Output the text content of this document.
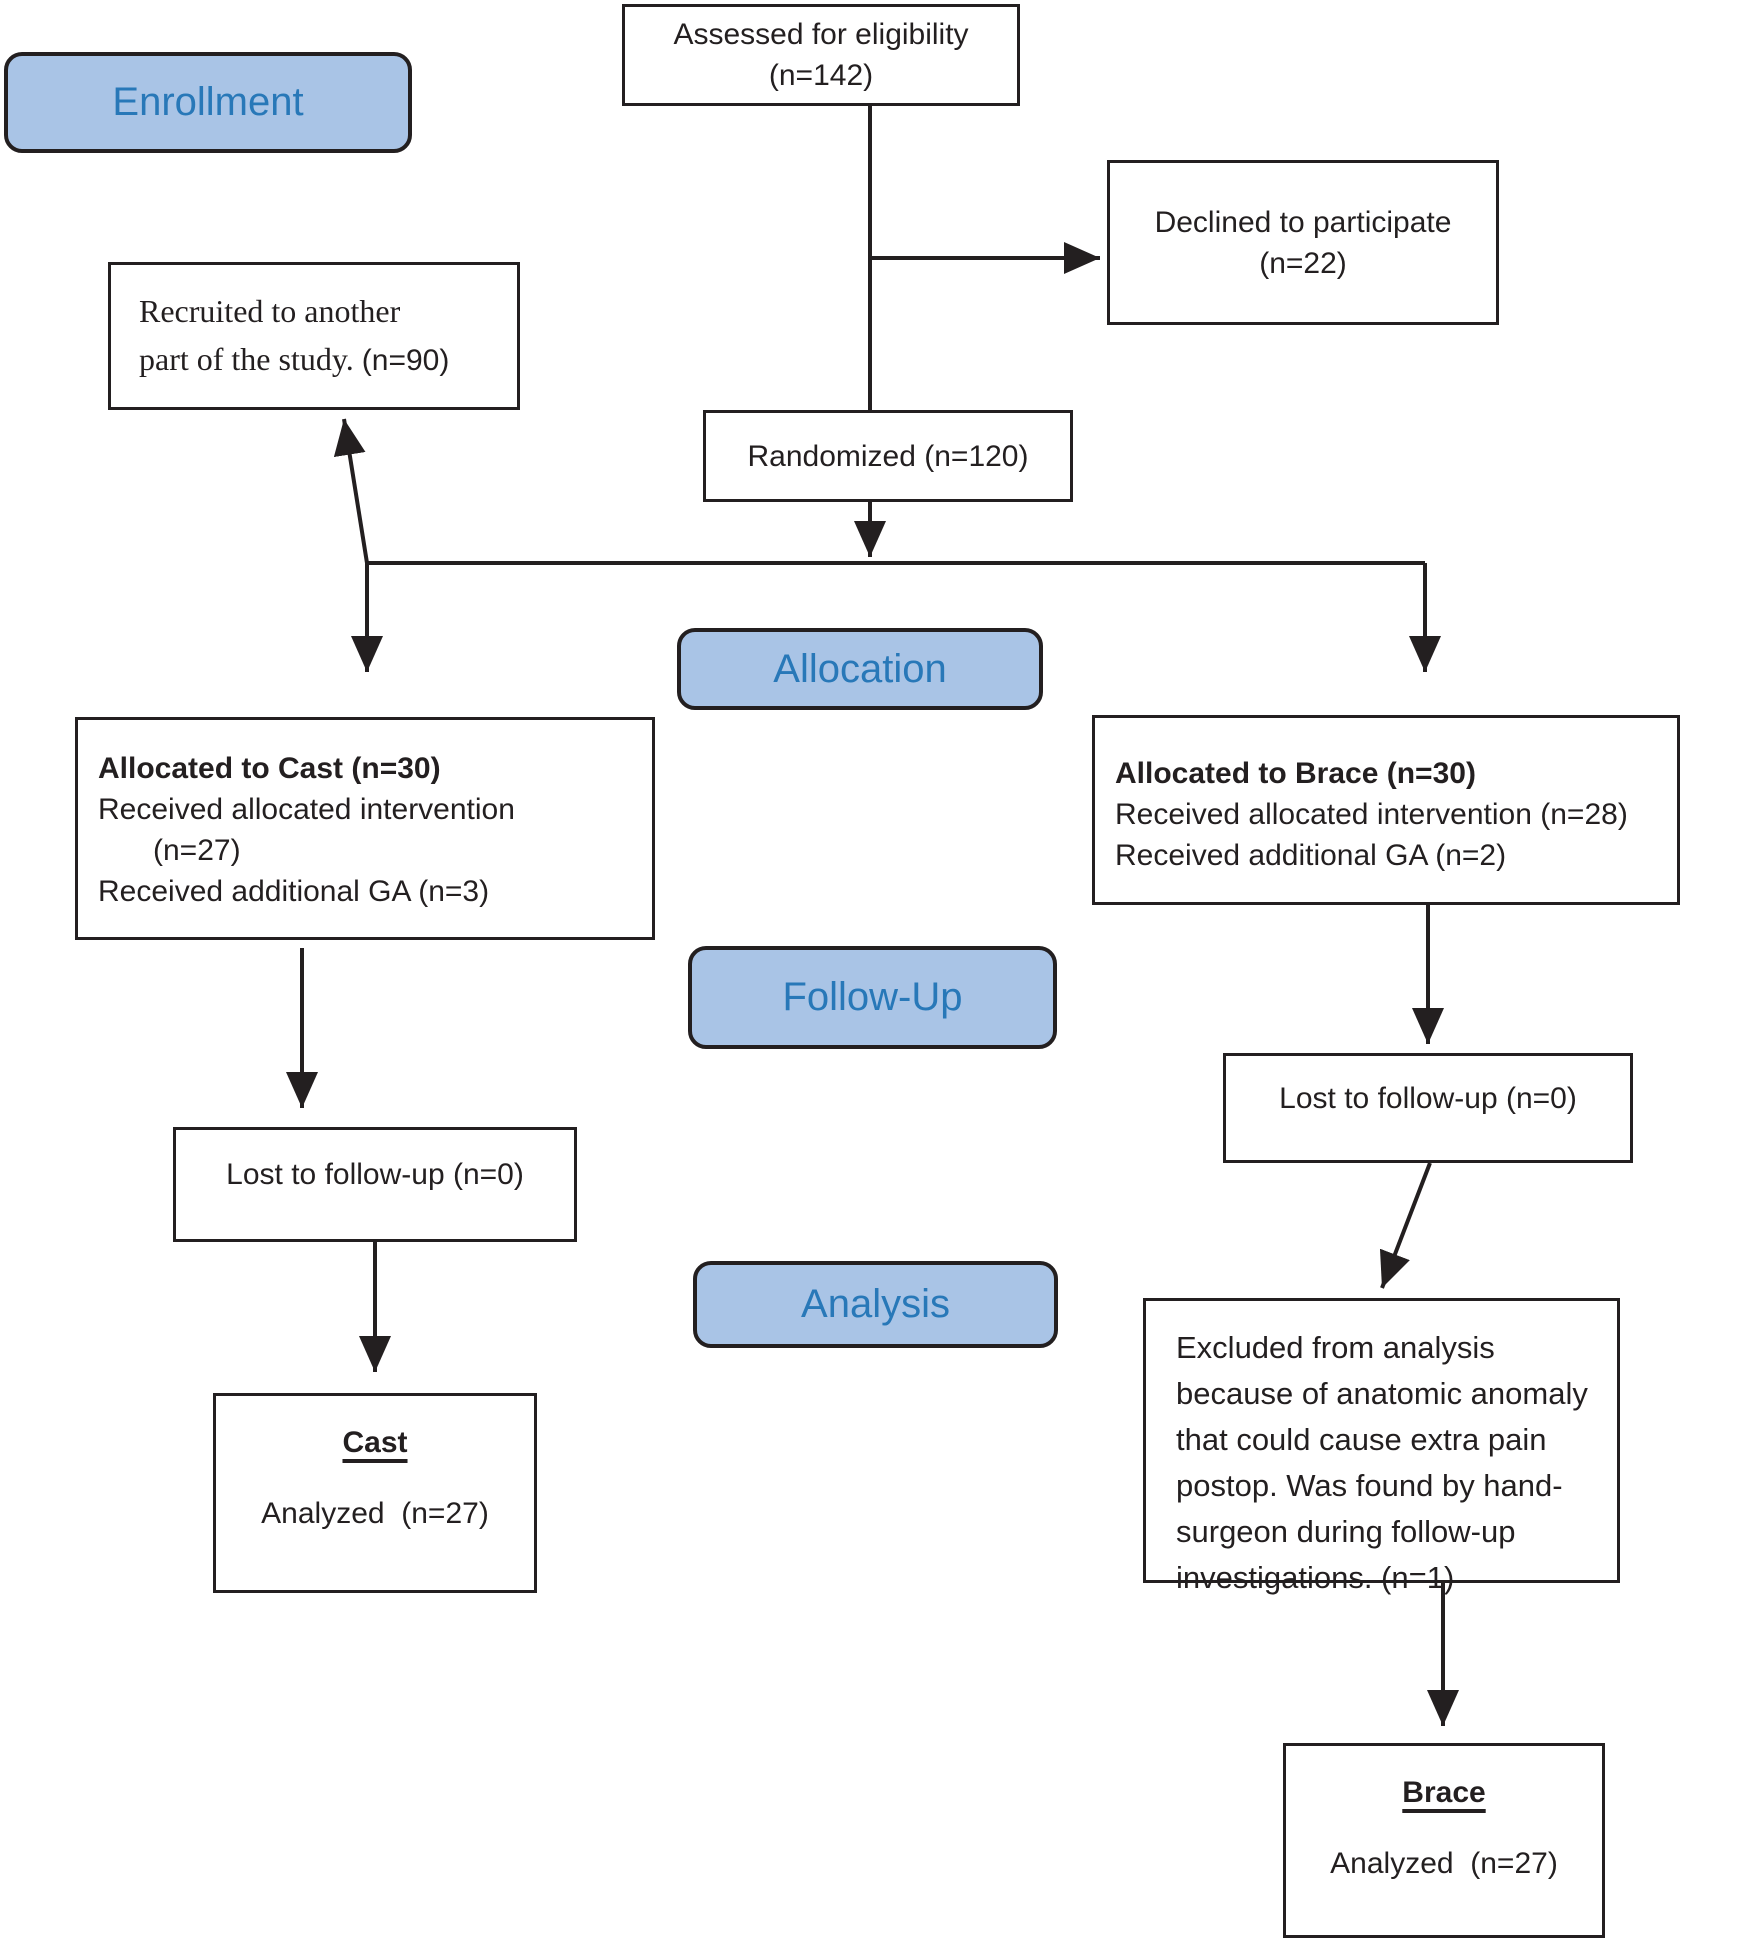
Enrollment
Allocation
Follow-Up
Analysis
Assessed for eligibility (n=142)
Declined to participate (n=22)
Recruited to another
part of the study. (n=90)
Randomized (n=120)
Allocated to Cast (n=30)
Received allocated intervention
(n=27)
Received additional GA (n=3)
Allocated to Brace (n=30)
Received allocated intervention (n=28)
Received additional GA (n=2)
Lost to follow-up (n=0)
Lost to follow-up (n=0)
Excluded from analysis because of anatomic anomaly that could cause extra pain postop. Was found by hand-surgeon during follow-up investigations. (n=1)
Cast
Analyzed  (n=27)
Brace
Analyzed  (n=27)
